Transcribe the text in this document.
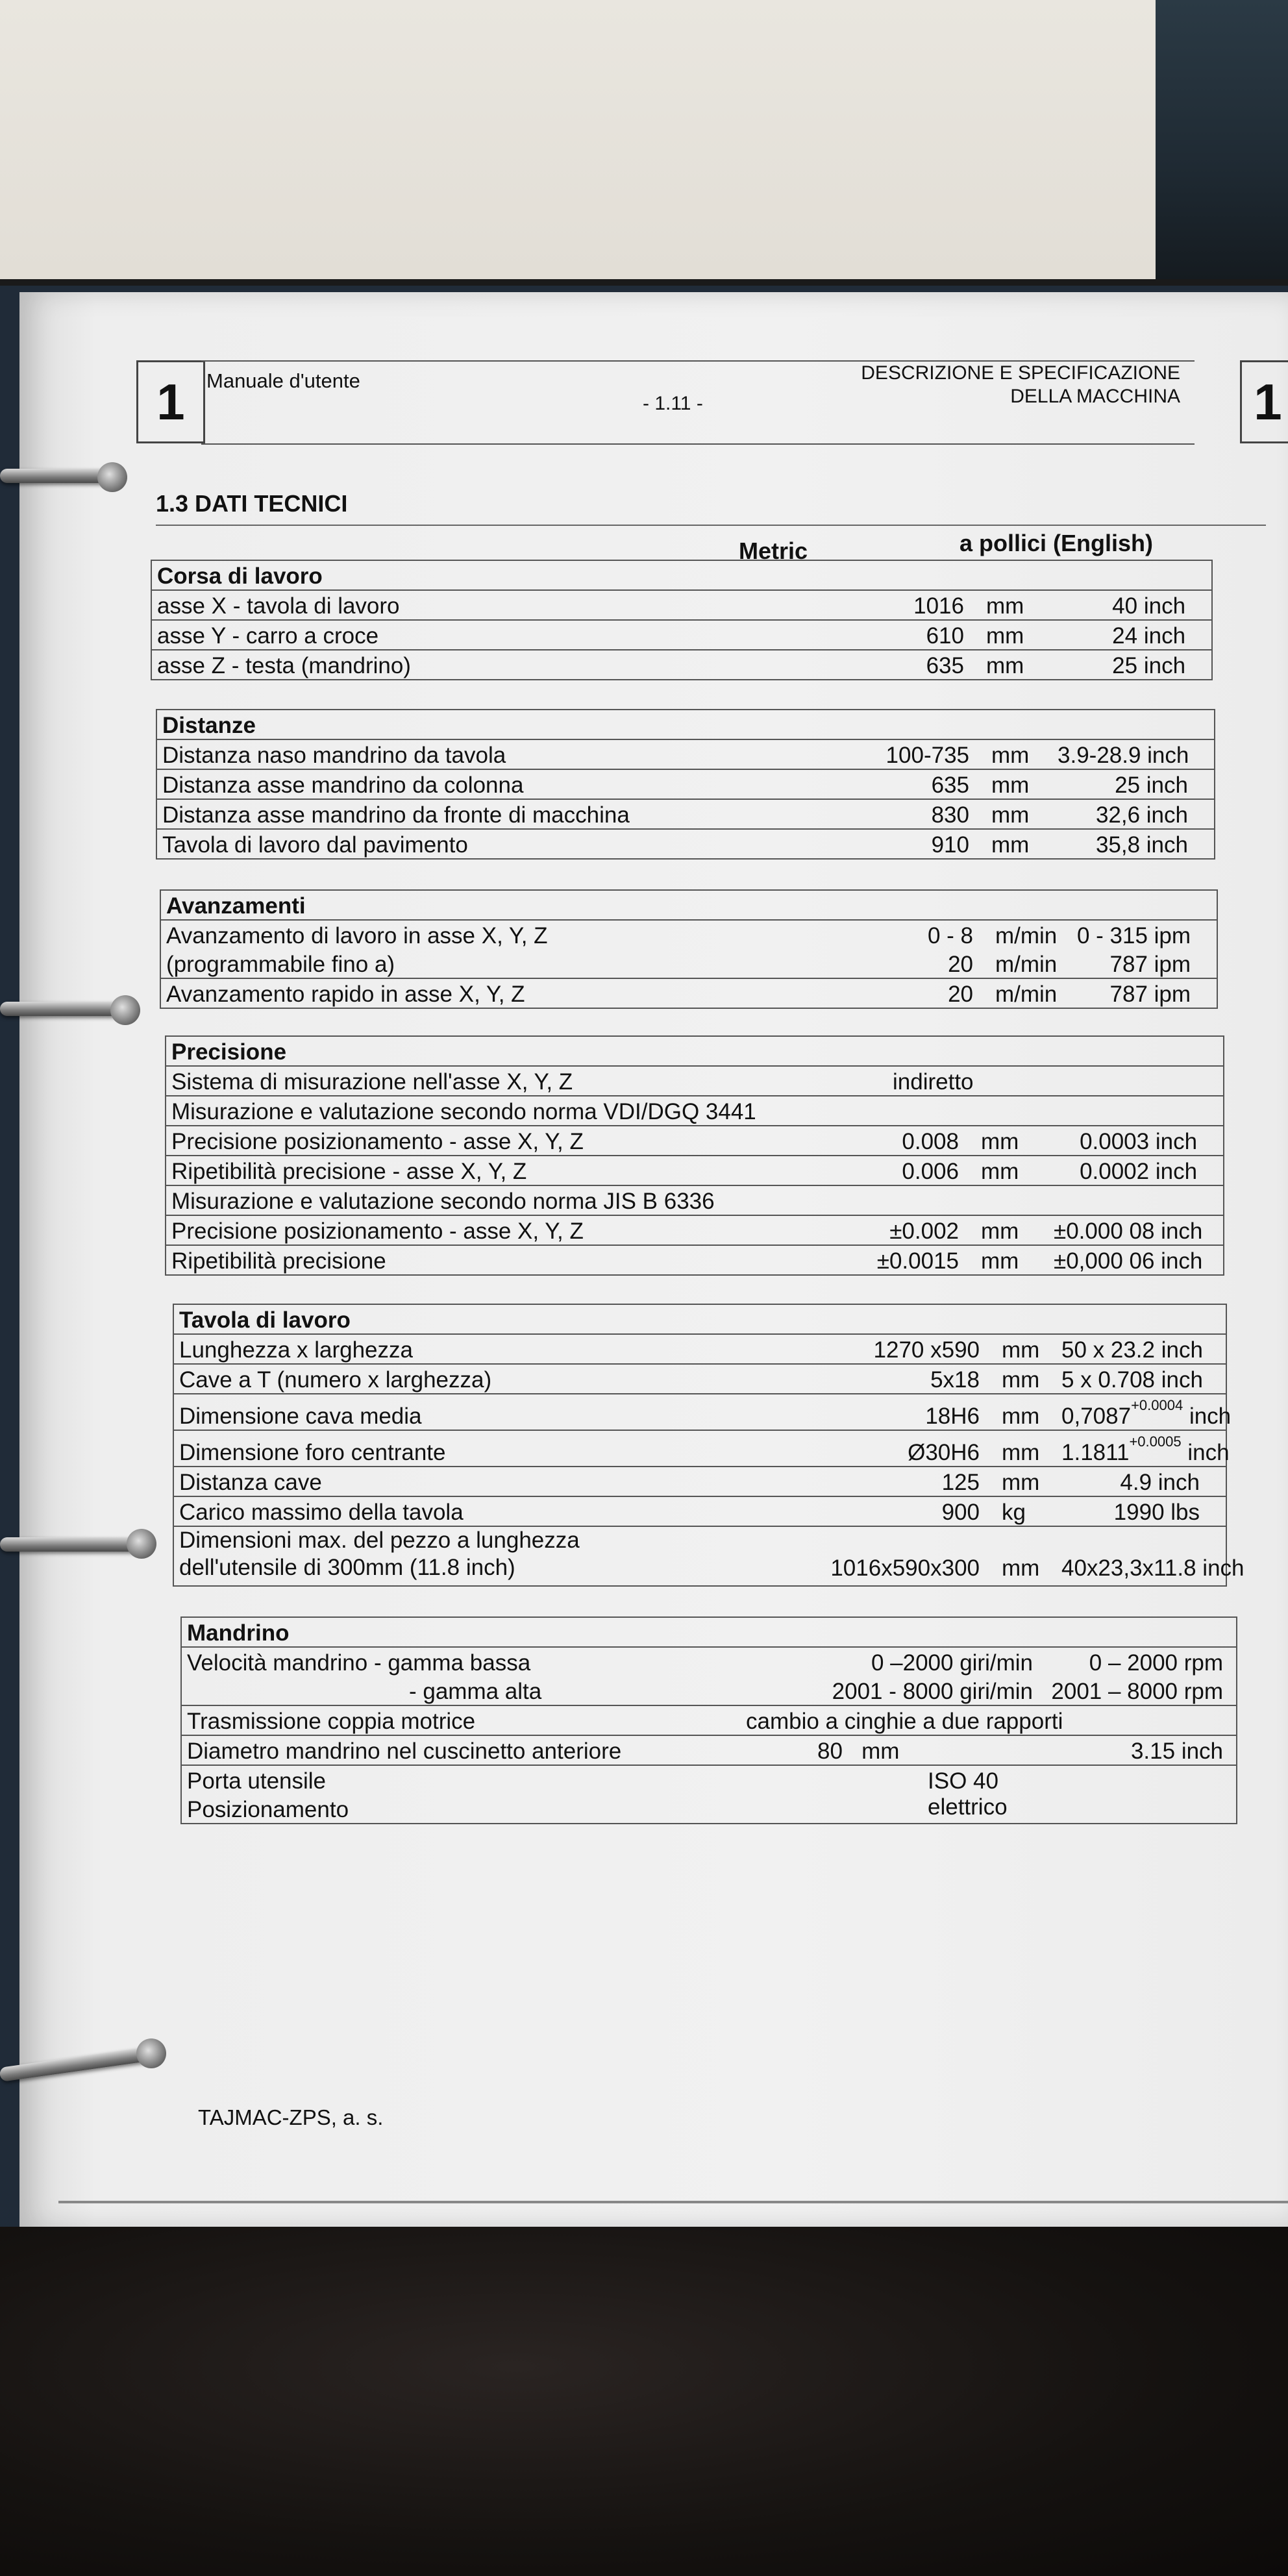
1	Manuale d'utente
- 1.11 -
DESCRIZIONE E SPECIFICAZIONE
DELLA MACCHINA 1
1.3 DATI TECNICI
Metric	a pollici (English)
Corsa di lavoro			
asse X - tavola di lavoro	1016	mm	40 inch
asse Y - carro a croce	610	mm	24 inch
asse Z - testa (mandrino)	635	mm	25 inch
Distanze			
Distanza naso mandrino da tavola	100-735	mm	3.9-28.9 inch
Distanza asse mandrino da colonna	635	mm	25 inch
Distanza asse mandrino da fronte di macchina	830	mm	32,6 inch
Tavola di lavoro dal pavimento	910	mm	35,8 inch
Avanzamenti			
Avanzamento di lavoro in asse X, Y, Z	0 - 8	m/min	0 - 315 ipm
(programmabile fino a)	20	m/min	787 ipm
Avanzamento rapido in asse X, Y, Z	20	m/min	787 ipm
Precisione			
Sistema di misurazione nell'asse X, Y, Z	indiretto		
Misurazione e valutazione secondo norma VDI/DGQ 3441			
Precisione posizionamento - asse X, Y, Z	0.008	mm	0.0003 inch
Ripetibilità precisione - asse X, Y, Z	0.006	mm	0.0002 inch
Misurazione e valutazione secondo norma JIS B 6336			
Precisione posizionamento - asse X, Y, Z	±0.002	mm	±0.000 08 inch
Ripetibilità precisione	±0.0015	mm	±0,000 06 inch
Tavola di lavoro			
Lunghezza x larghezza	1270 x590	mm	50 x 23.2 inch
Cave a T (numero x larghezza)	5x18	mm	5 x 0.708 inch
Dimensione cava media	18H6	mm	$0,7087^{+0.0004}$ inch
Dimensione foro centrante	Ø30H6	mm	$1.1811^{+0.0005}$ inch
Distanza cave	125	mm	4.9 inch
Carico massimo della tavola	900	kg	1990 lbs

Dimensioni max. del pezzo a lunghezza
dell'utensile di 300mm (11.8 inch)	1016x590x300	mm	40x23,3x11.8 inch
Mandrino		
Velocità mandrino - gamma bassa	0 –2000 giri/min	0 – 2000 rpm
- gamma alta	2001 - 8000 giri/min	2001 – 8000 rpm
Trasmissione coppia motrice	cambio a cinghie a due rapporti	
Diametro mandrino nel cuscinetto anteriore	80 mm	3.15 inch
Porta utensile	ISO 40	
Posizionamento	elettrico	
TAJMAC-ZPS, a. s.
